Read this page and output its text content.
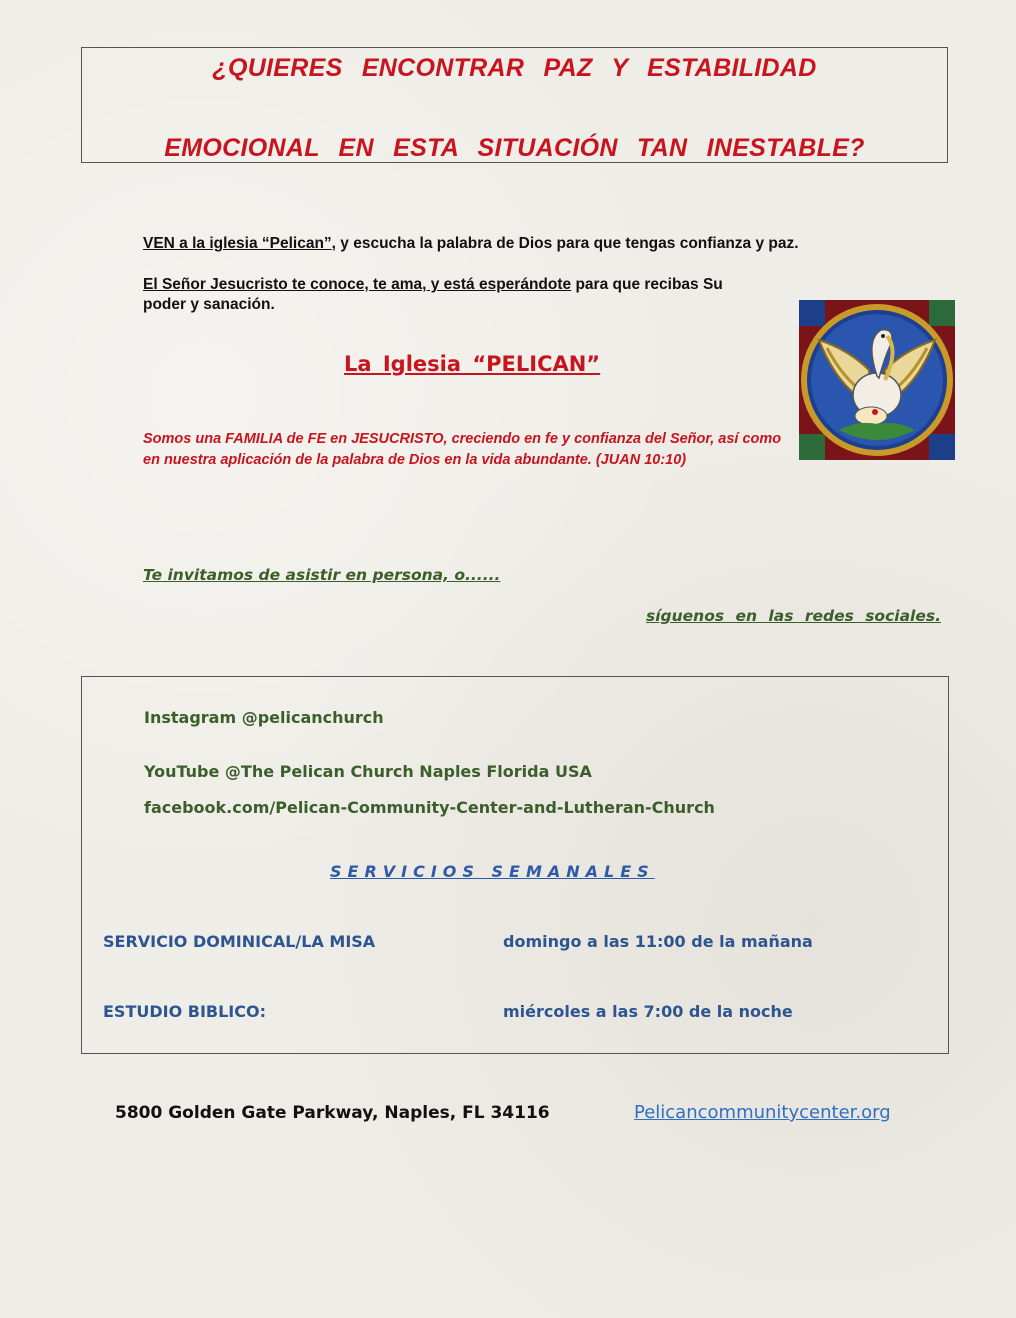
¿QUIERES ENCONTRAR PAZ Y ESTABILIDAD
EMOCIONAL EN ESTA SITUACIÓN TAN INESTABLE?
VEN a la iglesia “Pelican”, y escucha la palabra de Dios para que tengas confianza y paz.
El Señor Jesucristo te conoce, te ama, y está esperándote para que recibas Su poder y sanación.
La Iglesia “PELICAN”
Somos una FAMILIA de FE en JESUCRISTO, creciendo en fe y confianza del Señor, así como en nuestra aplicación de la palabra de Dios en la vida abundante. (JUAN 10:10)
Te invitamos de asistir en persona, o......
síguenos en las redes sociales.
Instagram @pelicanchurch
YouTube @The Pelican Church Naples Florida USA
facebook.com/Pelican-Community-Center-and-Lutheran-Church
SERVICIOS SEMANALES
SERVICIO DOMINICAL/LA MISA	domingo a las 11:00 de la mañana
ESTUDIO BIBLICO:	miércoles a las 7:00 de la noche
5800 Golden Gate Parkway, Naples, FL 34116	Pelicancommunitycenter.org
